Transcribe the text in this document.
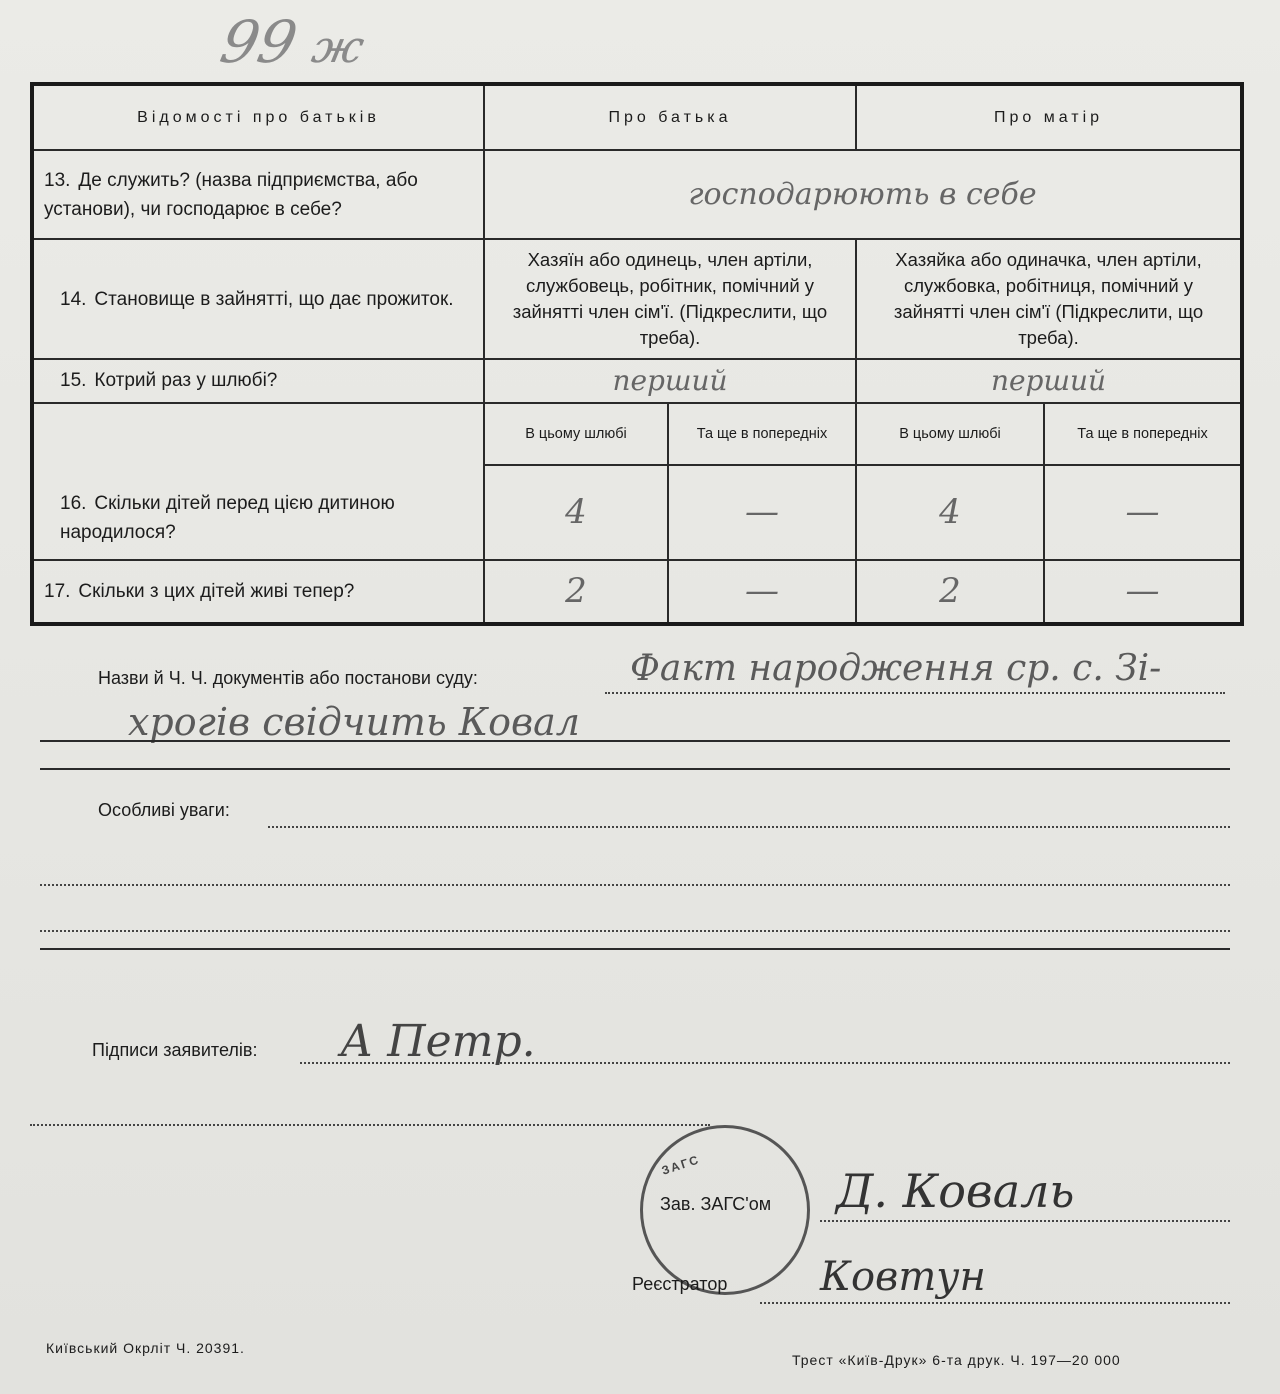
99 ж
Відомості про батьків	Про батька		Про матір	
13. Де служить? (назва підприємства, або установи), чи господарює в себе?	господарюють в себе			
14. Становище в зайнятті, що дає прожиток.	Хазяїн або одинець, член артіли, службовець, робітник, помічний у зайнятті член сім'ї. (Підкреслити, що треба).		Хазяйка або одиначка, член артіли, службовка, робітниця, помічний у зайнятті член сім'ї (Підкреслити, що треба).	
15. Котрий раз у шлюбі?	перший		перший	
16. Скільки дітей перед цією дитиною народилося?	В цьому шлюбі	Та ще в попередніх	В цьому шлюбі	Та ще в попередніх
	4	—	4	—
17. Скільки з цих дітей живі тепер?	2	—	2	—
Назви й Ч. Ч. документів або постанови суду:	Факт народження ср. с. Зі-
хрогів свідчить Ковал
Особливі уваги:
Підписи заявителів: А Петр.
ЗАГС
Зав. ЗАГС'ом Д. Коваль
Реєстратор Ковтун
Київський Окрліт Ч. 20391.
Трест «Київ-Друк» 6-та друк. Ч. 197—20 000
